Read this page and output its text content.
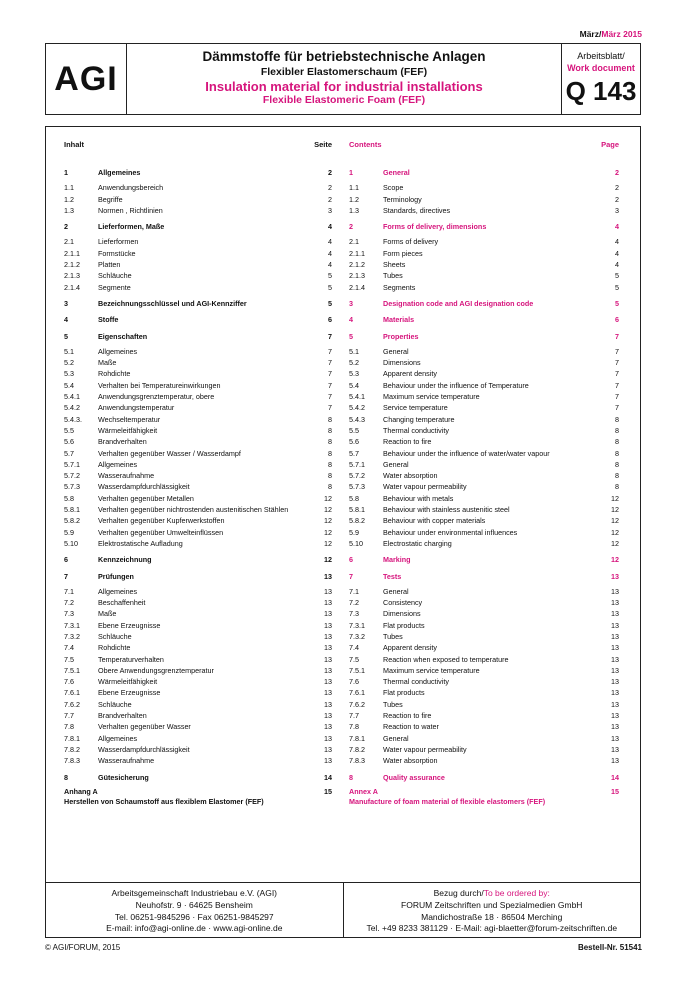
März/März 2015
AGI
Dämmstoffe für betriebstechnische Anlagen
Flexibler Elastomerschaum (FEF)
Insulation material for industrial installations
Flexible Elastomeric Foam (FEF)
Arbeitsblatt/
Work document
Q 143
Inhalt	Seite
1	Allgemeines	2
1.1	Anwendungsbereich	2
1.2	Begriffe	2
1.3	Normen , Richtlinien	3
2	Lieferformen, Maße	4
2.1	Lieferformen	4
2.1.1	Formstücke	4
2.1.2	Platten	4
2.1.3	Schläuche	5
2.1.4	Segmente	5
3	Bezeichnungsschlüssel und AGI-Kennziffer	5
4	Stoffe	6
5	Eigenschaften	7
5.1	Allgemeines	7
5.2	Maße	7
5.3	Rohdichte	7
5.4	Verhalten bei Temperatureinwirkungen	7
5.4.1	Anwendungsgrenztemperatur, obere	7
5.4.2	Anwendungstemperatur	7
5.4.3.	Wechseltemperatur	8
5.5	Wärmeleitfähigkeit	8
5.6	Brandverhalten	8
5.7	Verhalten gegenüber Wasser / Wasserdampf	8
5.7.1	Allgemeines	8
5.7.2	Wasseraufnahme	8
5.7.3	Wasserdampfdurchlässigkeit	8
5.8	Verhalten gegenüber Metallen	12
5.8.1	Verhalten gegenüber nichtrostenden austenitischen Stählen	12
5.8.2	Verhalten gegenüber Kupferwerkstoffen	12
5.9	Verhalten gegenüber Umwelteinflüssen	12
5.10	Elektrostatische Aufladung	12
6	Kennzeichnung	12
7	Prüfungen	13
7.1	Allgemeines	13
7.2	Beschaffenheit	13
7.3	Maße	13
7.3.1	Ebene Erzeugnisse	13
7.3.2	Schläuche	13
7.4	Rohdichte	13
7.5	Temperaturverhalten	13
7.5.1	Obere Anwendungsgrenztemperatur	13
7.6	Wärmeleitfähigkeit	13
7.6.1	Ebene Erzeugnisse	13
7.6.2	Schläuche	13
7.7	Brandverhalten	13
7.8	Verhalten gegenüber Wasser	13
7.8.1	Allgemeines	13
7.8.2	Wasserdampfdurchlässigkeit	13
7.8.3	Wasseraufnahme	13
8	Gütesicherung	14
Anhang A	15
Herstellen von Schaumstoff aus flexiblem Elastomer (FEF)
Contents	Page
1	General	2
1.1	Scope	2
1.2	Terminology	2
1.3	Standards, directives	3
2	Forms of delivery, dimensions	4
2.1	Forms of delivery	4
2.1.1	Form pieces	4
2.1.2	Sheets	4
2.1.3	Tubes	5
2.1.4	Segments	5
3	Designation code and AGI designation code	5
4	Materials	6
5	Properties	7
5.1	General	7
5.2	Dimensions	7
5.3	Apparent density	7
5.4	Behaviour under the influence of Temperature	7
5.4.1	Maximum service temperature	7
5.4.2	Service temperature	7
5.4.3	Changing temperature	8
5.5	Thermal conductivity	8
5.6	Reaction to fire	8
5.7	Behaviour under the influence of water/water vapour	8
5.7.1	General	8
5.7.2	Water absorption	8
5.7.3	Water vapour permeability	8
5.8	Behaviour with metals	12
5.8.1	Behaviour with stainless austenitic steel	12
5.8.2	Behaviour with copper materials	12
5.9	Behaviour under environmental influences	12
5.10	Electrostatic charging	12
6	Marking	12
7	Tests	13
7.1	General	13
7.2	Consistency	13
7.3	Dimensions	13
7.3.1	Flat products	13
7.3.2	Tubes	13
7.4	Apparent density	13
7.5	Reaction when exposed to temperature	13
7.5.1	Maximum service temperature	13
7.6	Thermal conductivity	13
7.6.1	Flat products	13
7.6.2	Tubes	13
7.7	Reaction to fire	13
7.8	Reaction to water	13
7.8.1	General	13
7.8.2	Water vapour permeability	13
7.8.3	Water absorption	13
8	Quality assurance	14
Annex A	15
Manufacture of foam material of flexible elastomers (FEF)
Arbeitsgemeinschaft Industriebau e.V. (AGI)
Neuhofstr. 9 · 64625 Bensheim
Tel. 06251-9845296 · Fax 06251-9845297
E-mail: info@agi-online.de · www.agi-online.de
Bezug durch/To be ordered by:
FORUM Zeitschriften und Spezialmedien GmbH
Mandichostraße 18 · 86504 Merching
Tel. +49 8233 381129 · E-Mail: agi-blaetter@forum-zeitschriften.de
© AGI/FORUM, 2015	Bestell-Nr. 51541
